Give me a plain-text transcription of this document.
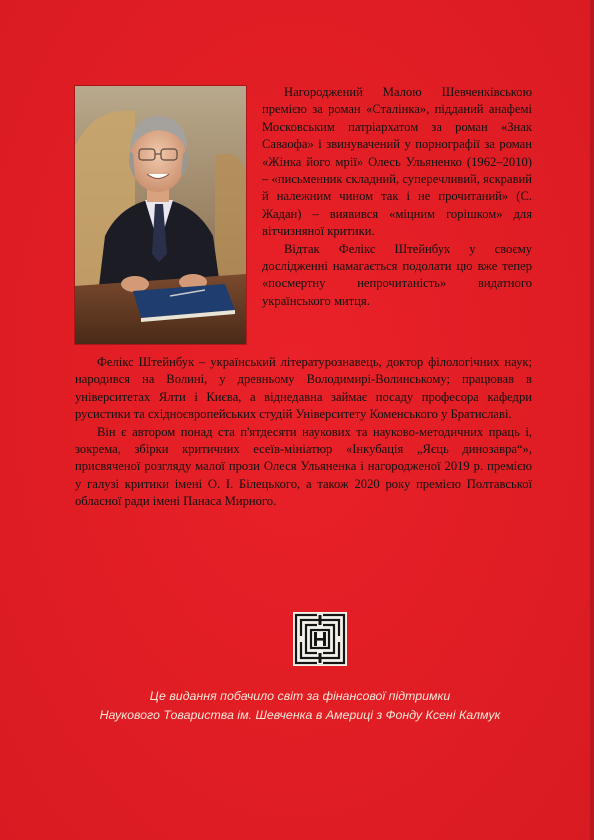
Нагороджений Малою Шевченківською премією за роман «Сталінка», підданий анафемі Московським патріархатом за роман «Знак Саваофа» і звинувачений у порнографії за роман «Жінка його мрії» Олесь Ульяненко (1962–2010) – «письменник складний, суперечливий, яскравий й належним чином так і не прочитаний» (С. Жадан) – виявився «міцним горішком» для вітчизняної критики.

Відтак Фелікс Штейнбук у своєму дослідженні намагається подолати цю вже тепер «посмертну непрочитаність» видатного українського митця.

Фелікс Штейнбук – український літературознавець, доктор філологічних наук; народився на Волині, у древньому Володимирі-Волинському; працював в університетах Ялти і Києва, а віднедавна займає посаду професора кафедри русистики та східноєвропейських студій Університету Коменського у Братиславі.

Він є автором понад ста п'ятдесяти наукових та науково-методичних праць і, зокрема, збірки критичних есеїв-мініатюр «Інкубація „Яєць динозавра“», присвяченої розгляду малої прози Олеся Ульяненка і нагородженої 2019 р. премією у галузі критики імені О. І. Білецького, а також 2020 року премією Полтавської обласної ради імені Панаса Мирного.

Це видання побачило світ за фінансової підтримки
Наукового Товариства ім. Шевченка в Америці з Фонду Ксені Калмук
